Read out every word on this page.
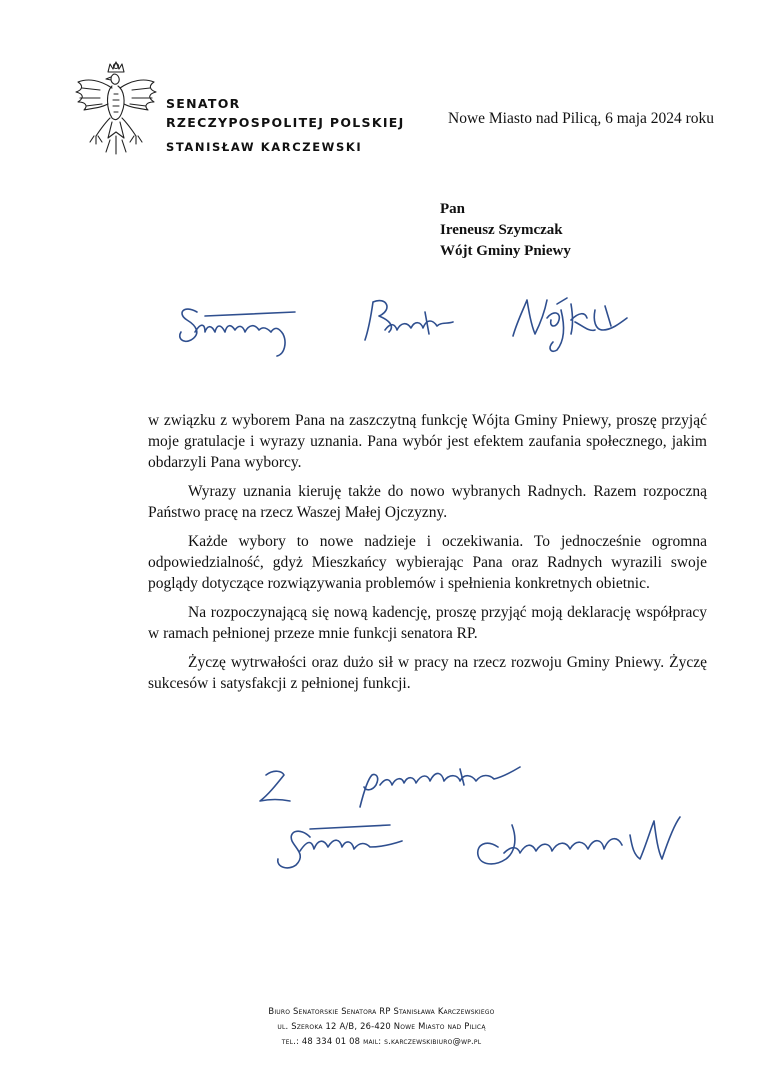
SENATOR
RZECZYPOSPOLITEJ POLSKIEJ
STANISŁAW KARCZEWSKI
Nowe Miasto nad Pilicą, 6 maja 2024 roku
Pan
Ireneusz Szymczak
Wójt Gminy Pniewy

w związku z wyborem Pana na zaszczytną funkcję Wójta Gminy Pniewy, proszę przyjąć moje gratulacje i wyrazy uznania. Pana wybór jest efektem zaufania społecznego, jakim obdarzyli Pana wyborcy.

Wyrazy uznania kieruję także do nowo wybranych Radnych. Razem rozpoczną Państwo pracę na rzecz Waszej Małej Ojczyzny.

Każde wybory to nowe nadzieje i oczekiwania. To jednocześnie ogromna odpowiedzialność, gdyż Mieszkańcy wybierając Pana oraz Radnych wyrazili swoje poglądy dotyczące rozwiązywania problemów i spełnienia konkretnych obietnic.

Na rozpoczynającą się nową kadencję, proszę przyjąć moją deklarację współpracy w ramach pełnionej przeze mnie funkcji senatora RP.

Życzę wytrwałości oraz dużo sił w pracy na rzecz rozwoju Gminy Pniewy. Życzę sukcesów i satysfakcji z pełnionej funkcji.

Biuro Senatorskie Senatora RP Stanisława Karczewskiego
ul. Szeroka 12 A/B, 26-420 Nowe Miasto nad Pilicą
tel.: 48 334 01 08 mail: s.karczewskibiuro@wp.pl
